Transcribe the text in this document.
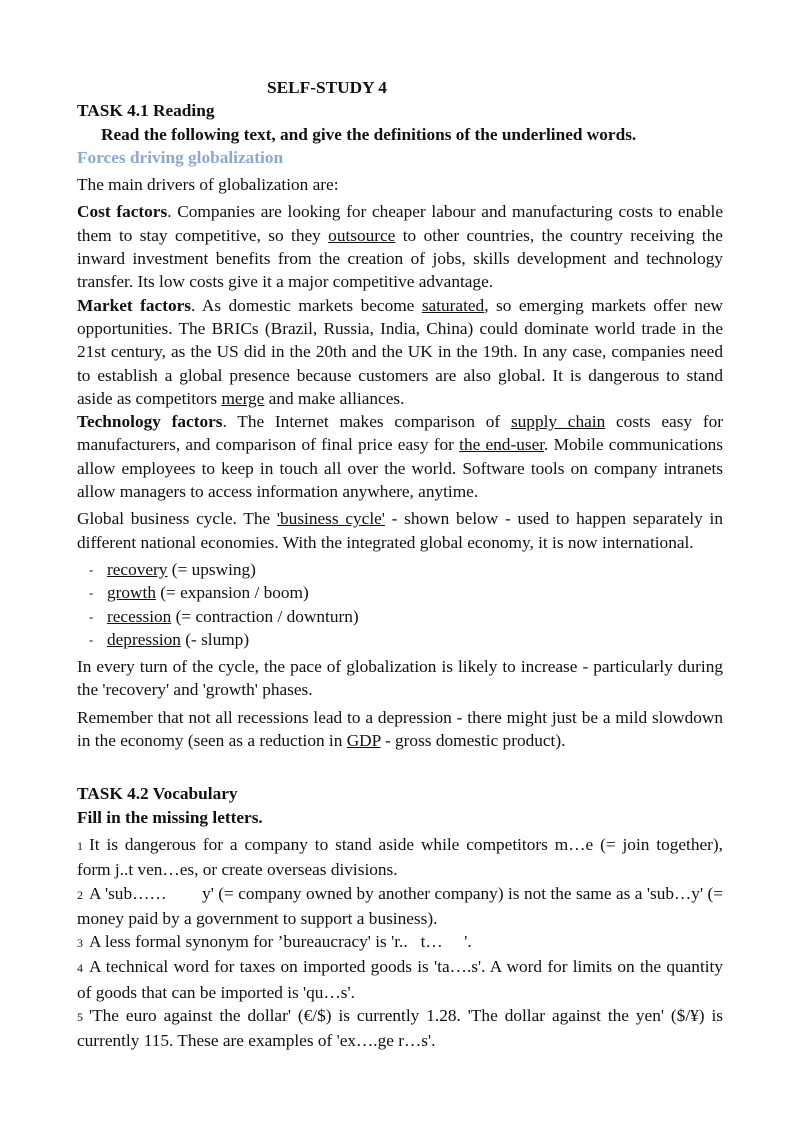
SELF-STUDY 4
TASK 4.1 Reading
Read the following text, and give the definitions of the underlined words.
Forces driving globalization
The main drivers of globalization are:
Cost factors. Companies are looking for cheaper labour and manufacturing costs to enable them to stay competitive, so they outsource to other countries, the country receiving the inward investment benefits from the creation of jobs, skills development and technology transfer. Its low costs give it a major competitive advantage.
Market factors. As domestic markets become saturated, so emerging markets offer new opportunities. The BRICs (Brazil, Russia, India, China) could dominate world trade in the 21st century, as the US did in the 20th and the UK in the 19th. In any case, companies need to establish a global presence because customers are also global. It is dangerous to stand aside as competitors merge and make alliances.
Technology factors. The Internet makes comparison of supply chain costs easy for manufacturers, and comparison of final price easy for the end-user. Mobile communications allow employees to keep in touch all over the world. Software tools on company intranets allow managers to access information anywhere, anytime.
Global business cycle. The 'business cycle' - shown below - used to happen separately in different national economies. With the integrated global economy, it is now international.
- recovery (= upswing)
- growth (= expansion / boom)
- recession (= contraction / downturn)
- depression (- slump)
In every turn of the cycle, the pace of globalization is likely to increase - particularly during the 'recovery' and 'growth' phases.
Remember that not all recessions lead to a depression - there might just be a mild slowdown in the economy (seen as a reduction in GDP - gross domestic product).
TASK 4.2 Vocabulary
Fill in the missing letters.
1 It is dangerous for a company to stand aside while competitors m…e (= join together), form j..t ven…es, or create overseas divisions.
2 A 'sub……        y' (= company owned by another company) is not the same as a 'sub…y' (= money paid by a government to support a business).
3 A less formal synonym for ’bureaucracy' is 'r..   t…     '.
4 A technical word for taxes on imported goods is 'ta….s'. A word for limits on the quantity of goods that can be imported is 'qu…s'.
5 'The euro against the dollar' (€/$) is currently 1.28. 'The dollar against the yen' ($/¥) is currently 115. These are examples of 'ex….ge r…s'.
